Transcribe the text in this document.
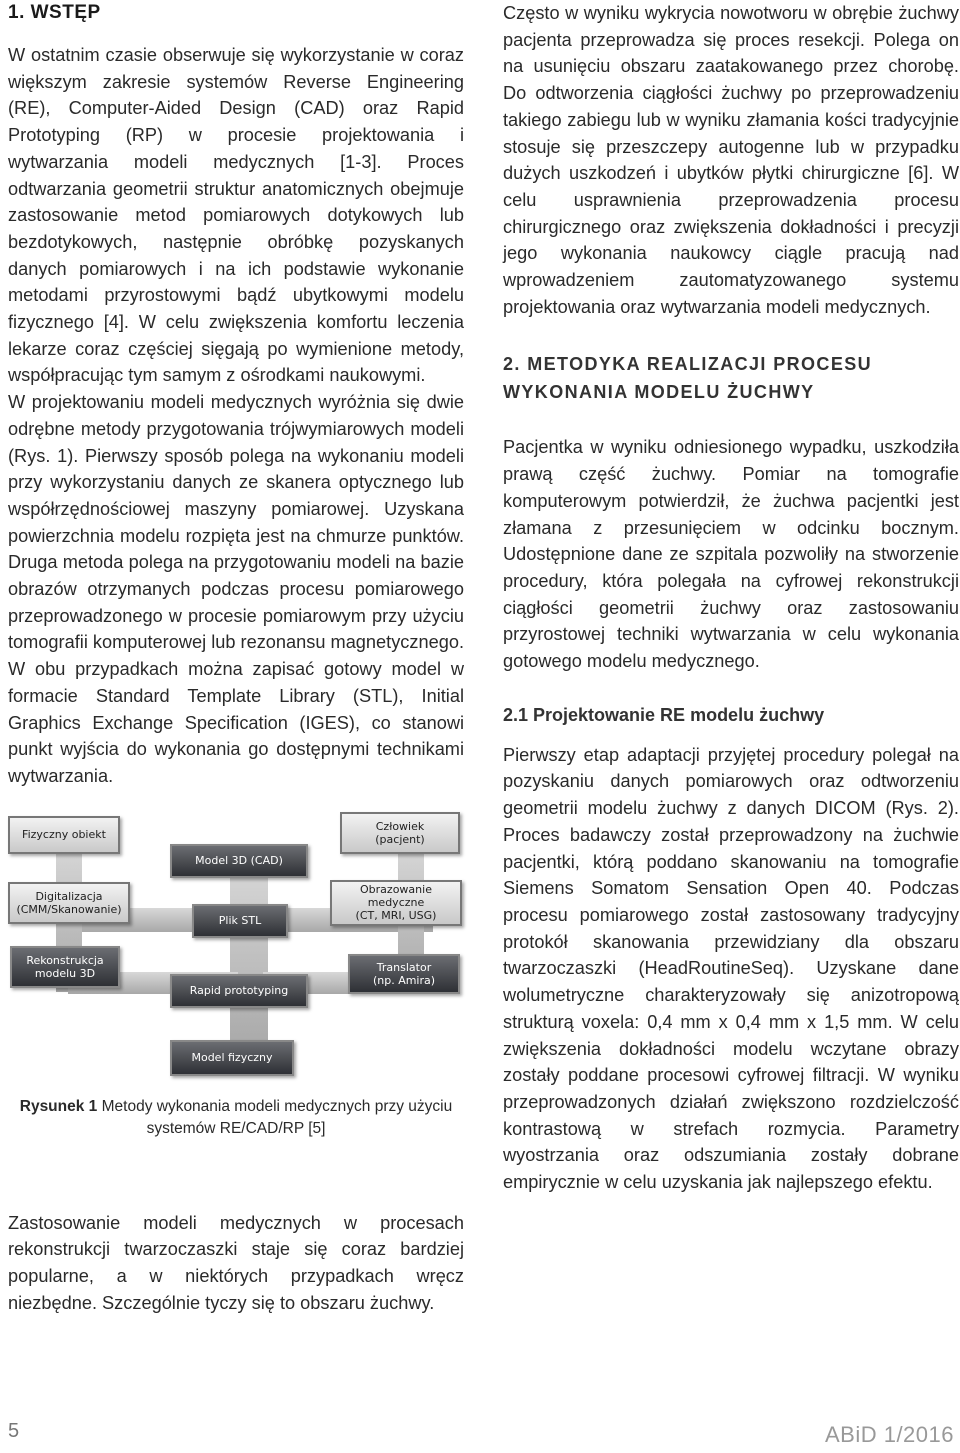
1. WSTĘP

W ostatnim czasie obserwuje się wykorzystanie w coraz większym zakresie systemów Reverse Engineering (RE), Computer-Aided Design (CAD) oraz Rapid Prototyping (RP) w procesie projektowania i wytwarzania modeli medycznych [1-3]. Proces odtwarzania geometrii struktur anatomicznych obejmuje zastosowanie metod pomiarowych dotykowych lub bezdotykowych, następnie obróbkę pozyskanych danych pomiarowych i na ich podstawie wykonanie metodami przyrostowymi bądź ubytkowymi modelu fizycznego [4]. W celu zwiększenia komfortu leczenia lekarze coraz częściej sięgają po wymienione metody, współpracując tym samym z ośrodkami naukowymi.

W projektowaniu modeli medycznych wyróżnia się dwie odrębne metody przygotowania trójwymiarowych modeli (Rys. 1). Pierwszy sposób polega na wykonaniu modeli przy wykorzystaniu danych ze skanera optycznego lub współrzędnościowej maszyny pomiarowej. Uzyskana powierzchnia modelu rozpięta jest na chmurze punktów. Druga metoda polega na przygotowaniu modeli na bazie obrazów otrzymanych podczas procesu pomiarowego przeprowadzonego w procesie pomiarowym przy użyciu tomografii komputerowej lub rezonansu magnetycznego. W obu przypadkach można zapisać gotowy model w formacie Standard Template Library (STL), Initial Graphics Exchange Specification (IGES), co stanowi punkt wyjścia do wykonania go dostępnymi technikami wytwarzania.

Fizyczny obiekt
Człowiek
(pacjent)
Model 3D (CAD)
Digitalizacja
(CMM/Skanowanie)
Obrazowanie medyczne
(CT, MRI, USG)
Plik STL
Rekonstrukcja
modelu 3D	Translator
(np. Amira)
Rapid prototyping
Model fizyczny

Rysunek 1 Metody wykonania modeli medycznych przy użyciu systemów RE/CAD/RP [5]

Zastosowanie modeli medycznych w procesach rekonstrukcji twarzoczaszki staje się coraz bardziej popularne, a w niektórych przypadkach wręcz niezbędne. Szczególnie tyczy się to obszaru żuchwy.

Często w wyniku wykrycia nowotworu w obrębie żuchwy pacjenta przeprowadza się proces resekcji. Polega on na usunięciu obszaru zaatakowanego przez chorobę. Do odtworzenia ciągłości żuchwy po przeprowadzeniu takiego zabiegu lub w wyniku złamania kości tradycyjnie stosuje się przeszczepy autogenne lub w przypadku dużych uszkodzeń i ubytków płytki chirurgiczne [6]. W celu usprawnienia przeprowadzenia procesu chirurgicznego oraz zwiększenia dokładności i precyzji jego wykonania naukowcy ciągle pracują nad wprowadzeniem zautomatyzowanego systemu projektowania oraz wytwarzania modeli medycznych.

2. METODYKA REALIZACJI PROCESU WYKONANIA MODELU ŻUCHWY

Pacjentka w wyniku odniesionego wypadku, uszkodziła prawą część żuchwy. Pomiar na tomografie komputerowym potwierdził, że żuchwa pacjentki jest złamana z przesunięciem w odcinku bocznym. Udostępnione dane ze szpitala pozwoliły na stworzenie procedury, która polegała na cyfrowej rekonstrukcji ciągłości geometrii żuchwy oraz zastosowaniu przyrostowej techniki wytwarzania w celu wykonania gotowego modelu medycznego.

2.1 Projektowanie RE modelu żuchwy

Pierwszy etap adaptacji przyjętej procedury polegał na pozyskaniu danych pomiarowych oraz odtworzeniu geometrii modelu żuchwy z danych DICOM (Rys. 2). Proces badawczy został przeprowadzony na żuchwie pacjentki, którą poddano skanowaniu na tomografie Siemens Somatom Sensation Open 40. Podczas procesu pomiarowego został zastosowany tradycyjny protokół skanowania przewidziany dla obszaru twarzoczaszki (HeadRoutineSeq). Uzyskane dane wolumetryczne charakteryzowały się anizotropową strukturą voxela: 0,4 mm x 0,4 mm x 1,5 mm. W celu zwiększenia dokładności modelu wczytane obrazy zostały poddane procesowi cyfrowej filtracji. W wyniku przeprowadzonych działań zwiększono rozdzielczość kontrastową w strefach rozmycia. Parametry wyostrzania oraz odszumiania zostały dobrane empirycznie w celu uzyskania jak najlepszego efektu.

5	ABiD 1/2016
